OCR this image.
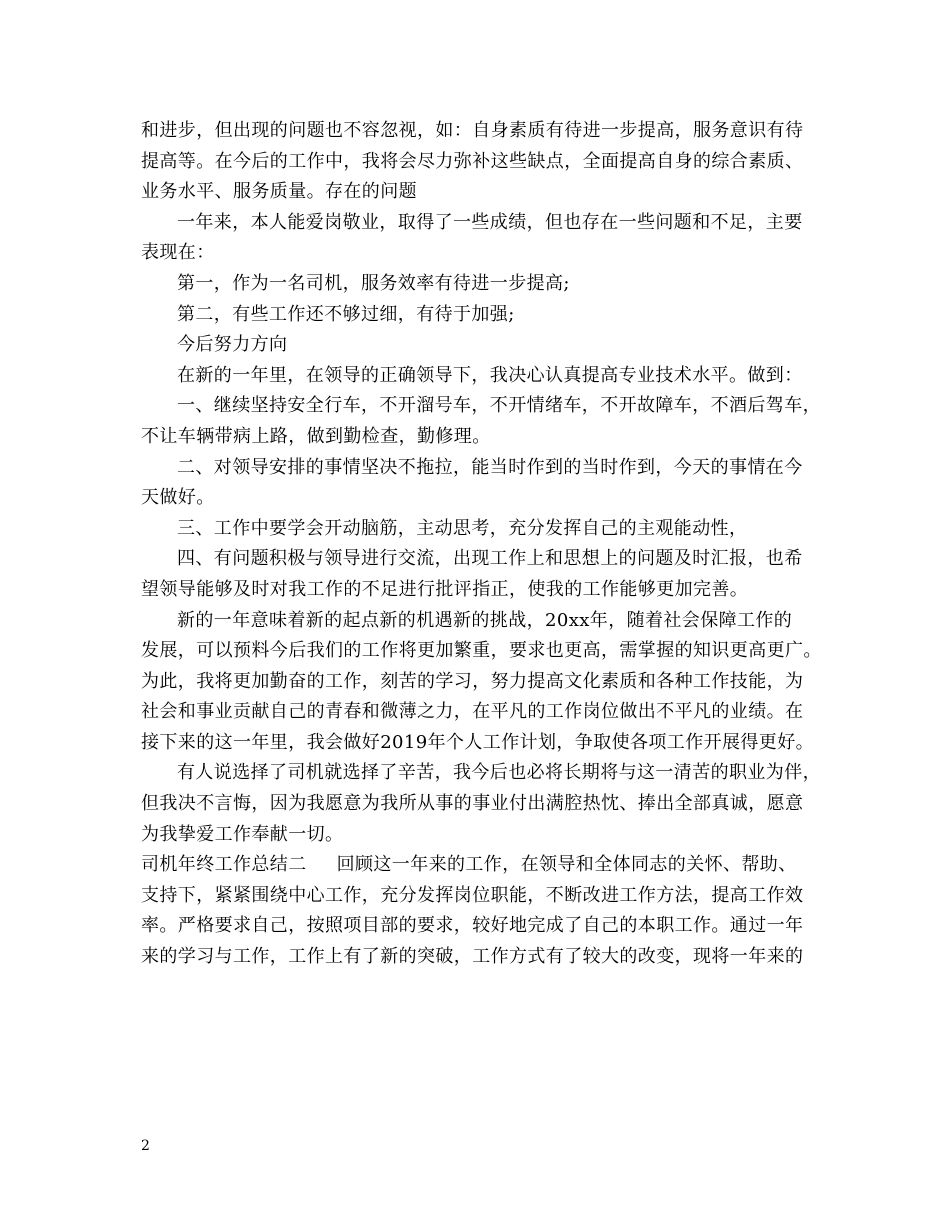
和进步，但出现的问题也不容忽视，如：自身素质有待进一步提高，服务意识有待
提高等。在今后的工作中，我将会尽力弥补这些缺点，全面提高自身的综合素质、
业务水平、服务质量。存在的问题
一年来，本人能爱岗敬业，取得了一些成绩，但也存在一些问题和不足，主要
表现在：
第一，作为一名司机，服务效率有待进一步提高;
第二，有些工作还不够过细，有待于加强;
今后努力方向
在新的一年里，在领导的正确领导下，我决心认真提高专业技术水平。做到：
一、继续坚持安全行车，不开溜号车，不开情绪车，不开故障车，不酒后驾车，
不让车辆带病上路，做到勤检查，勤修理。
二、对领导安排的事情坚决不拖拉，能当时作到的当时作到，今天的事情在今
天做好。
三、工作中要学会开动脑筋，主动思考，充分发挥自己的主观能动性，
四、有问题积极与领导进行交流，出现工作上和思想上的问题及时汇报，也希
望领导能够及时对我工作的不足进行批评指正，使我的工作能够更加完善。
新的一年意味着新的起点新的机遇新的挑战，20xx年，随着社会保障工作的
发展，可以预料今后我们的工作将更加繁重，要求也更高，需掌握的知识更高更广。
为此，我将更加勤奋的工作，刻苦的学习，努力提高文化素质和各种工作技能，为
社会和事业贡献自己的青春和微薄之力，在平凡的工作岗位做出不平凡的业绩。在
接下来的这一年里，我会做好2019年个人工作计划，争取使各项工作开展得更好。
有人说选择了司机就选择了辛苦，我今后也必将长期将与这一清苦的职业为伴，
但我决不言悔，因为我愿意为我所从事的事业付出满腔热忱、捧出全部真诚，愿意
为我挚爱工作奉献一切。
司机年终工作总结二 回顾这一年来的工作，在领导和全体同志的关怀、帮助、
支持下，紧紧围绕中心工作，充分发挥岗位职能，不断改进工作方法，提高工作效
率。严格要求自己，按照项目部的要求，较好地完成了自己的本职工作。通过一年
来的学习与工作，工作上有了新的突破，工作方式有了较大的改变，现将一年来的
2
